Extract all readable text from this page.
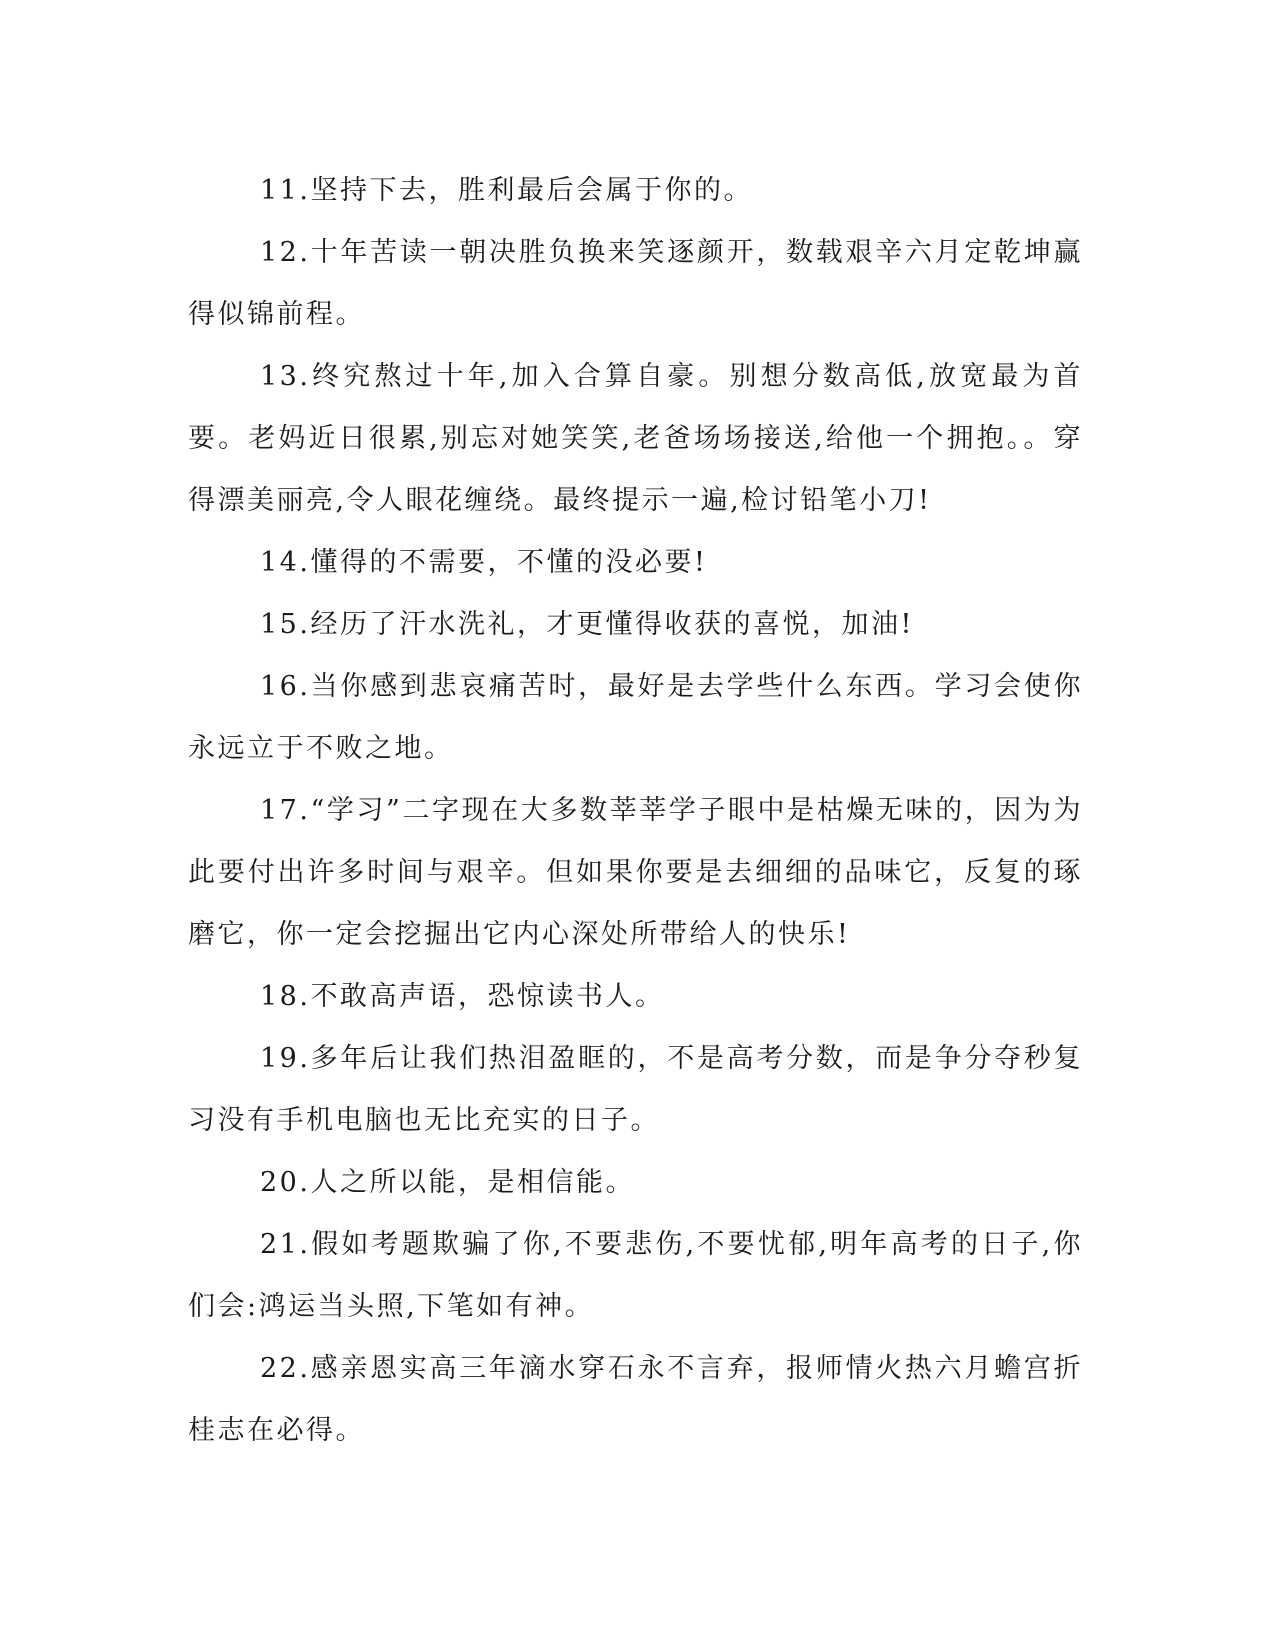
11.坚持下去，胜利最后会属于你的。

12.十年苦读一朝决胜负换来笑逐颜开，数载艰辛六月定乾坤赢得似锦前程。

13.终究熬过十年,加入合算自豪。别想分数高低,放宽最为首要。老妈近日很累,别忘对她笑笑,老爸场场接送,给他一个拥抱。。穿得漂美丽亮,令人眼花缠绕。最终提示一遍,检讨铅笔小刀!

14.懂得的不需要，不懂的没必要!

15.经历了汗水洗礼，才更懂得收获的喜悦，加油!

16.当你感到悲哀痛苦时，最好是去学些什么东西。学习会使你永远立于不败之地。

17.“学习”二字现在大多数莘莘学子眼中是枯燥无味的，因为为此要付出许多时间与艰辛。但如果你要是去细细的品味它，反复的琢磨它，你一定会挖掘出它内心深处所带给人的快乐!

18.不敢高声语，恐惊读书人。

19.多年后让我们热泪盈眶的，不是高考分数，而是争分夺秒复习没有手机电脑也无比充实的日子。

20.人之所以能，是相信能。

21.假如考题欺骗了你,不要悲伤,不要忧郁,明年高考的日子,你们会:鸿运当头照,下笔如有神。

22.感亲恩实高三年滴水穿石永不言弃，报师情火热六月蟾宫折桂志在必得。
